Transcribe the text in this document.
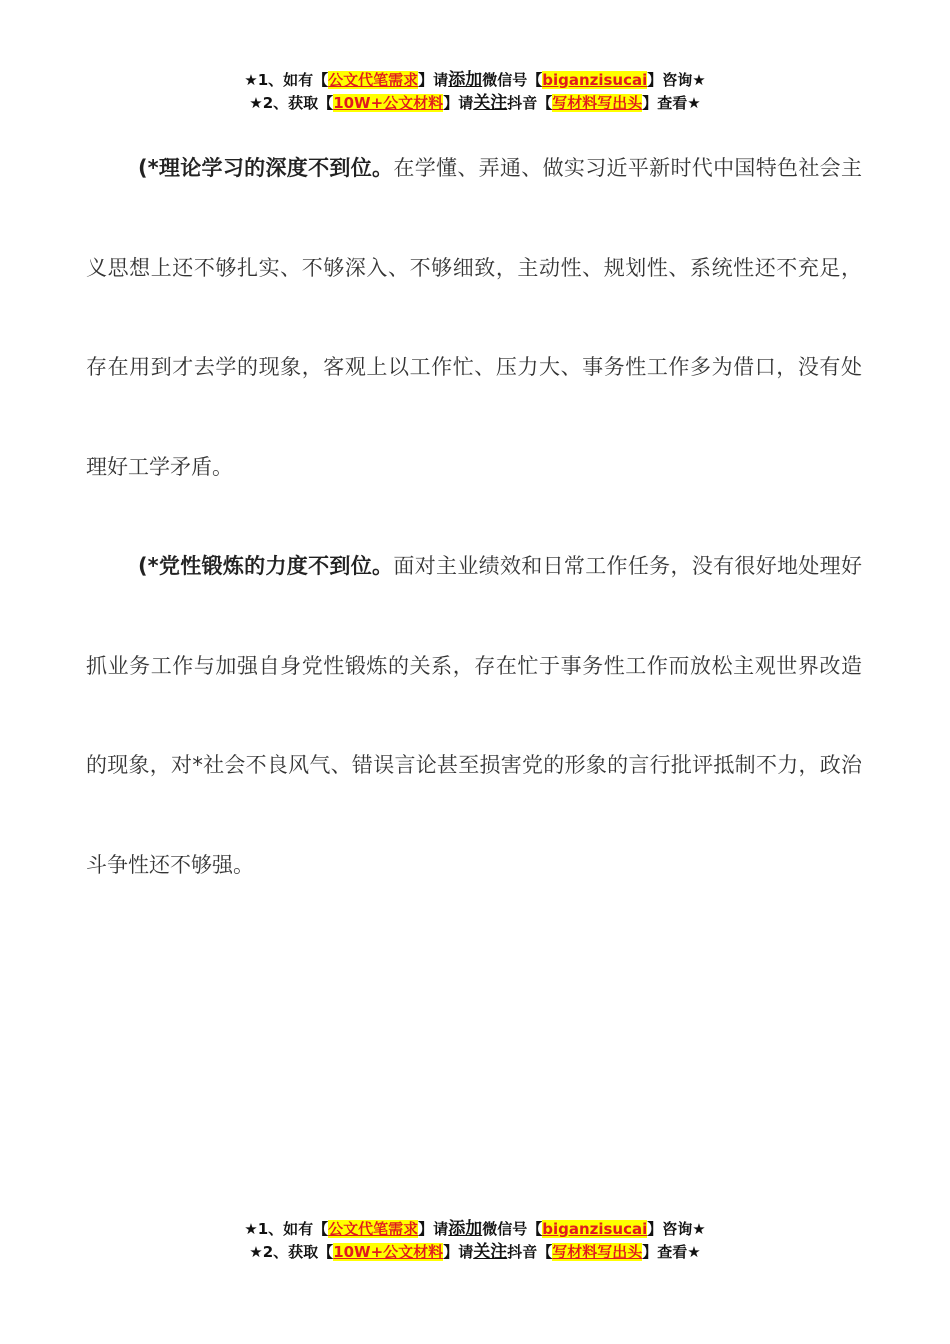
★1、如有【公文代笔需求】请添加微信号【biganzisucai】咨询★
★2、获取【10W+公文材料】请关注抖音【写材料写出头】查看★

(*理论学习的深度不到位。在学懂、弄通、做实习近平新时代中国特色社会主义思想上还不够扎实、不够深入、不够细致，主动性、规划性、系统性还不充足，存在用到才去学的现象，客观上以工作忙、压力大、事务性工作多为借口，没有处理好工学矛盾。

(*党性锻炼的力度不到位。面对主业绩效和日常工作任务，没有很好地处理好抓业务工作与加强自身党性锻炼的关系，存在忙于事务性工作而放松主观世界改造的现象，对*社会不良风气、错误言论甚至损害党的形象的言行批评抵制不力，政治斗争性还不够强。

★1、如有【公文代笔需求】请添加微信号【biganzisucai】咨询★
★2、获取【10W+公文材料】请关注抖音【写材料写出头】查看★
